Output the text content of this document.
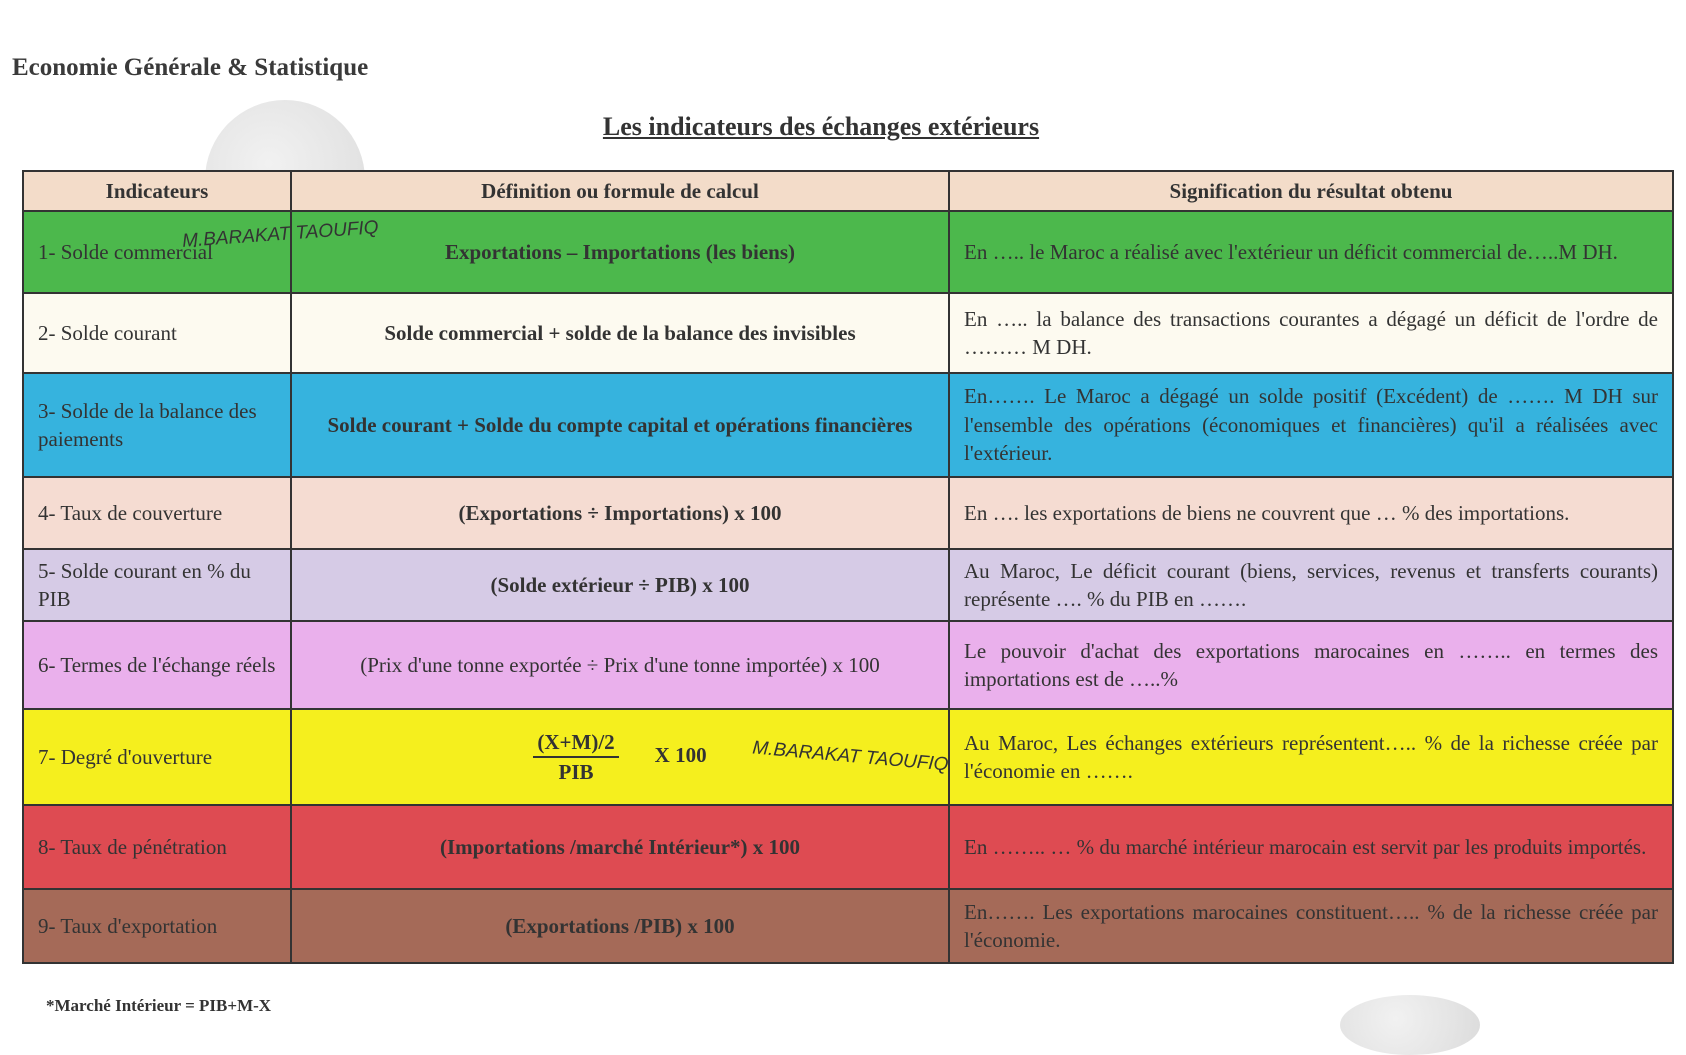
Economie Générale & Statistique
Les indicateurs des échanges extérieurs
Indicateurs	Définition ou formule de calcul	Signification du résultat obtenu
1- Solde commercial	Exportations – Importations (les biens)	En ….. le Maroc a réalisé avec l'extérieur un déficit commercial de…..M DH.
2- Solde courant	Solde commercial + solde de la balance des invisibles	En ….. la balance des transactions courantes a dégagé un déficit de l'ordre de ……… M DH.
3- Solde de la balance des paiements	Solde courant + Solde du compte capital et opérations financières	En……. Le Maroc a dégagé un solde positif (Excédent) de ……. M DH sur l'ensemble des opérations (économiques et financières) qu'il a réalisées avec l'extérieur.
4- Taux de couverture	(Exportations ÷ Importations) x 100	En …. les exportations de biens ne couvrent que … % des importations.
5- Solde courant en % du PIB	(Solde extérieur ÷ PIB) x 100	Au Maroc, Le déficit courant (biens, services, revenus et transferts courants) représente …. % du PIB en …….
6- Termes de l'échange réels	(Prix d'une tonne exportée ÷ Prix d'une tonne importée) x 100	Le pouvoir d'achat des exportations marocaines en …….. en termes des importations est de …..%
7- Degré d'ouverture	$\frac{(X+M)/2}{\text{PIB}}$ X 100	Au Maroc, Les échanges extérieurs représentent….. % de la richesse créée par l'économie en …….
8- Taux de pénétration	(Importations /marché Intérieur*) x 100	En …….. … % du marché intérieur marocain est servit par les produits importés.
9- Taux d'exportation	(Exportations /PIB) x 100	En……. Les exportations marocaines constituent….. % de la richesse créée par l'économie.
M.BARAKAT TAOUFIQ
M.BARAKAT TAOUFIQ
*Marché Intérieur = PIB+M-X
